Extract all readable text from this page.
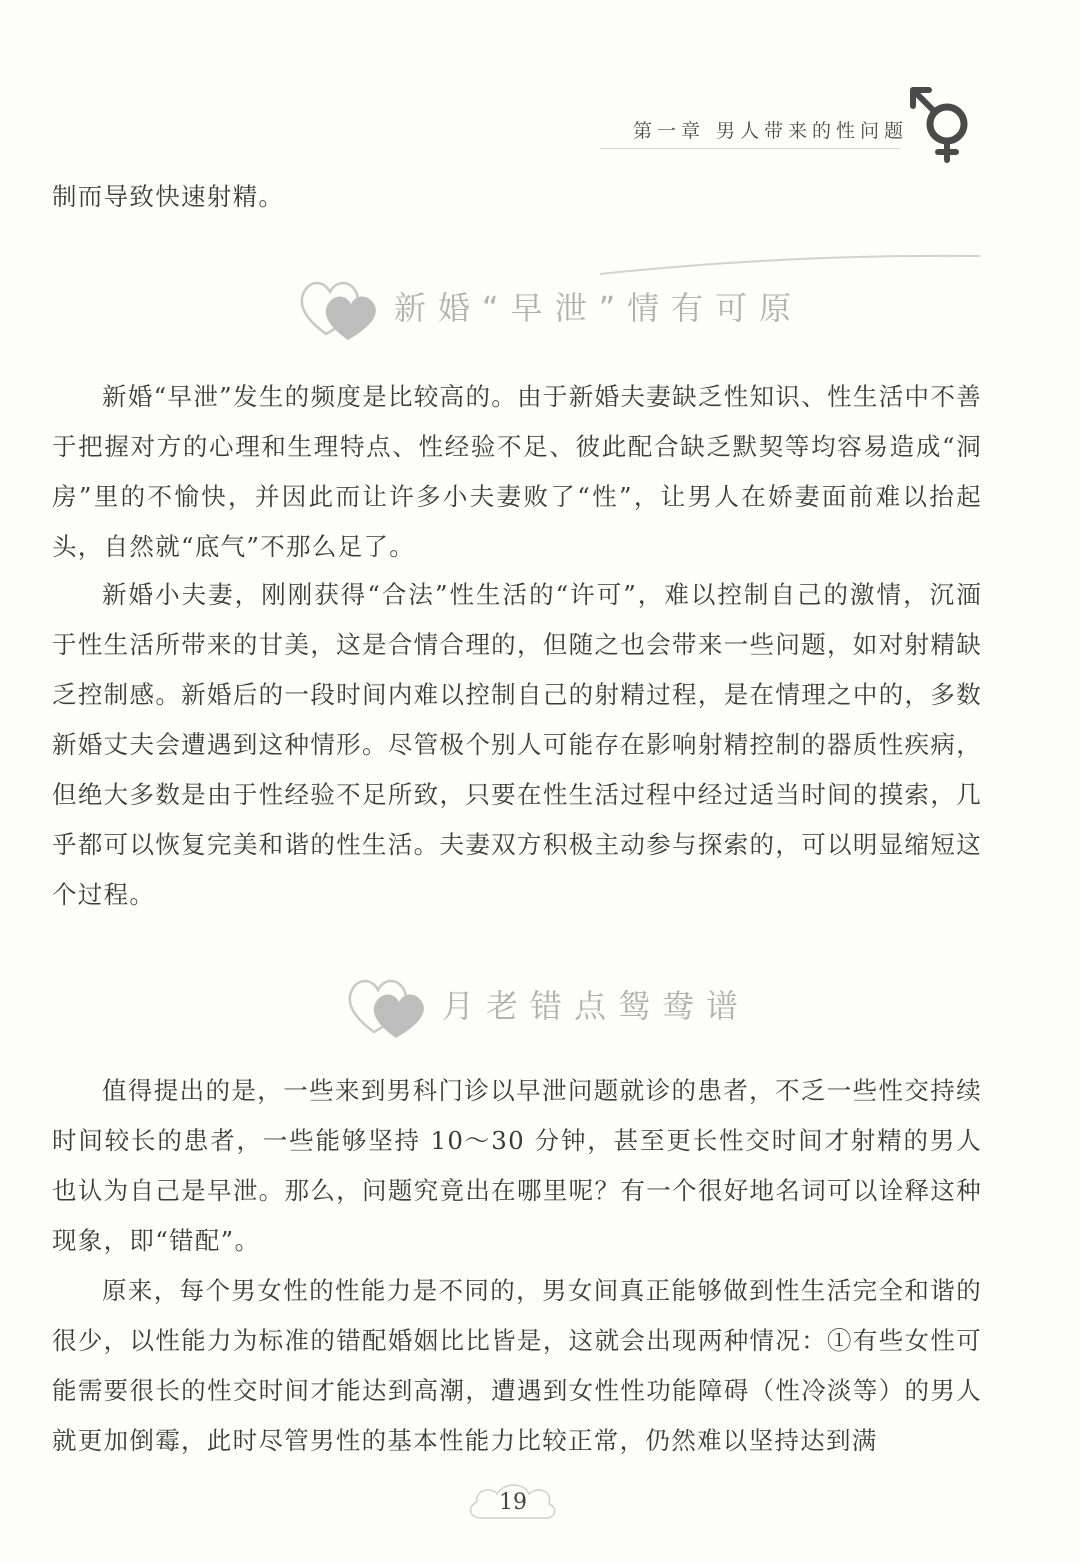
第一章 男人带来的性问题

制而导致快速射精。

新婚“早泄”情有可原

新婚“早泄”发生的频度是比较高的。由于新婚夫妻缺乏性知识、性生活中不善于把握对方的心理和生理特点、性经验不足、彼此配合缺乏默契等均容易造成“洞房”里的不愉快，并因此而让许多小夫妻败了“性”，让男人在娇妻面前难以抬起头，自然就“底气”不那么足了。

新婚小夫妻，刚刚获得“合法”性生活的“许可”，难以控制自己的激情，沉湎于性生活所带来的甘美，这是合情合理的，但随之也会带来一些问题，如对射精缺乏控制感。新婚后的一段时间内难以控制自己的射精过程，是在情理之中的，多数新婚丈夫会遭遇到这种情形。尽管极个别人可能存在影响射精控制的器质性疾病，但绝大多数是由于性经验不足所致，只要在性生活过程中经过适当时间的摸索，几乎都可以恢复完美和谐的性生活。夫妻双方积极主动参与探索的，可以明显缩短这个过程。

月老错点鸳鸯谱

值得提出的是，一些来到男科门诊以早泄问题就诊的患者，不乏一些性交持续时间较长的患者，一些能够坚持 10～30 分钟，甚至更长性交时间才射精的男人也认为自己是早泄。那么，问题究竟出在哪里呢？有一个很好地名词可以诠释这种现象，即“错配”。

原来，每个男女性的性能力是不同的，男女间真正能够做到性生活完全和谐的很少，以性能力为标准的错配婚姻比比皆是，这就会出现两种情况：①有些女性可能需要很长的性交时间才能达到高潮，遭遇到女性性功能障碍（性冷淡等）的男人就更加倒霉，此时尽管男性的基本性能力比较正常，仍然难以坚持达到满

19
